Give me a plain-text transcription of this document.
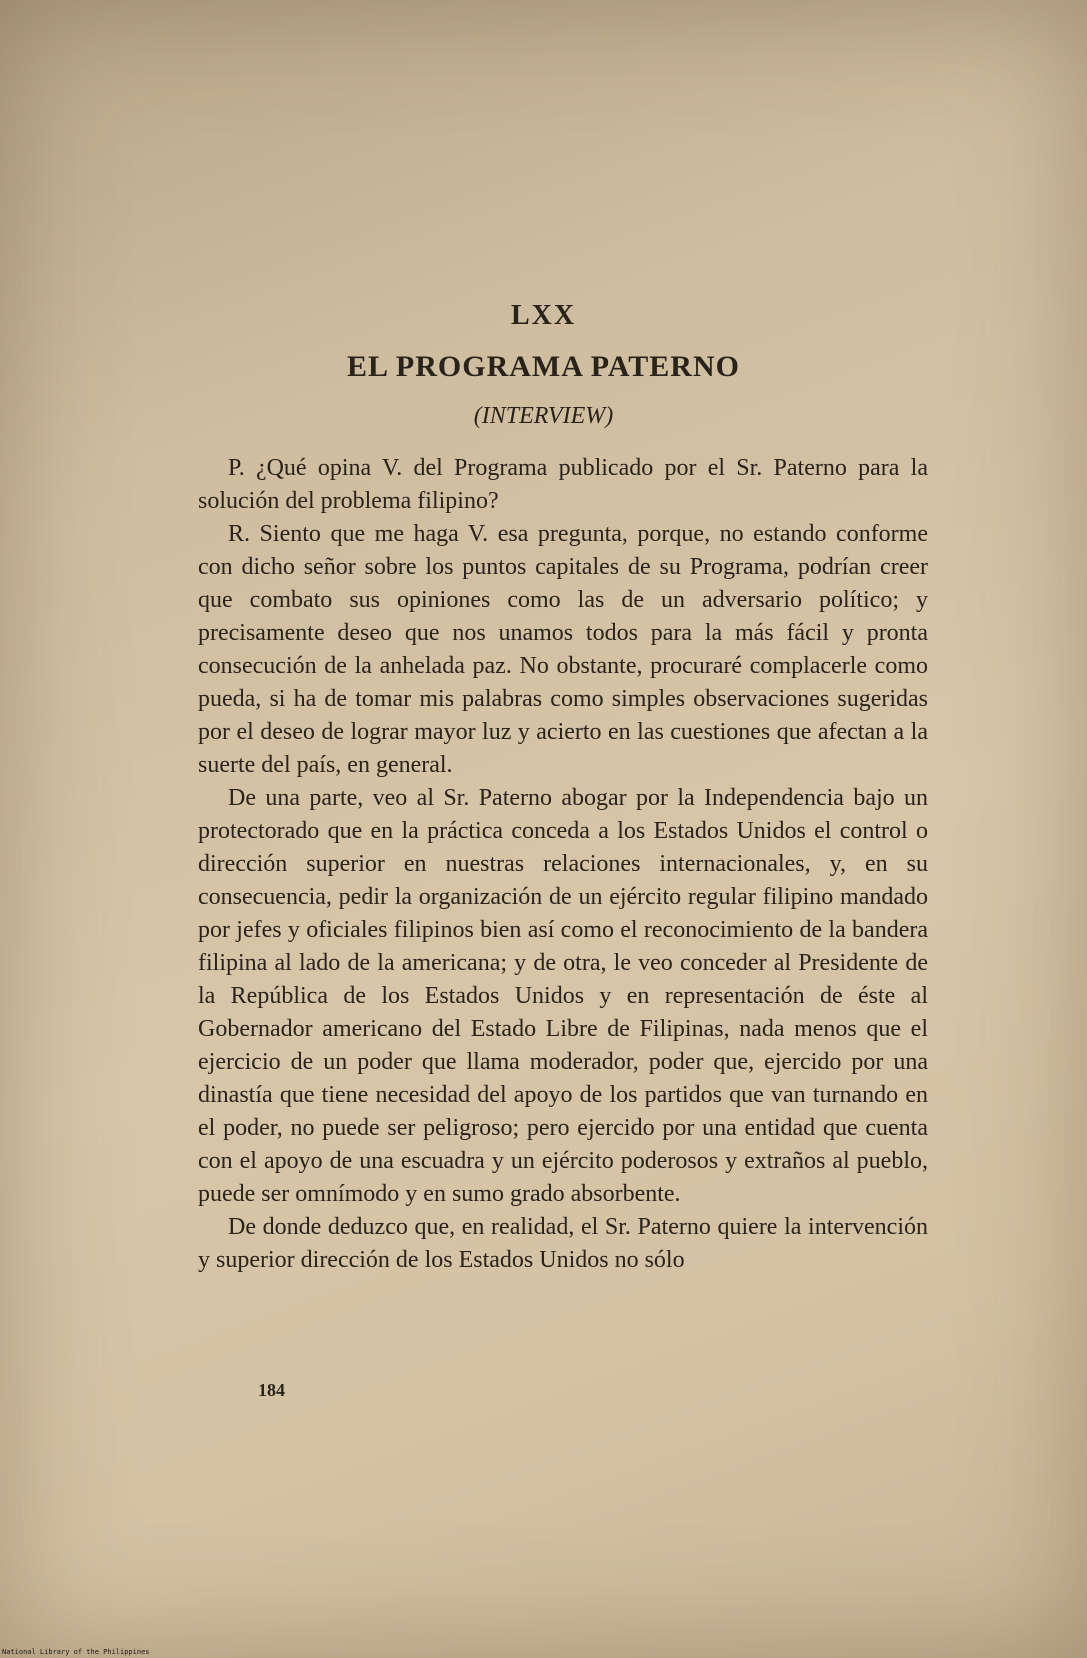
LXX
EL PROGRAMA PATERNO
(INTERVIEW)

P. ¿Qué opina V. del Programa publicado por el Sr. Paterno para la solución del problema filipino?

R. Siento que me haga V. esa pregunta, porque, no estando conforme con dicho señor sobre los puntos capitales de su Programa, podrían creer que combato sus opiniones como las de un adversario político; y precisamente deseo que nos unamos todos para la más fácil y pronta consecución de la anhelada paz. No obstante, procuraré complacerle como pueda, si ha de tomar mis palabras como simples observaciones sugeridas por el deseo de lograr mayor luz y acierto en las cuestiones que afectan a la suerte del país, en general.

De una parte, veo al Sr. Paterno abogar por la Independencia bajo un protectorado que en la práctica conceda a los Estados Unidos el control o dirección superior en nuestras relaciones internacionales, y, en su consecuencia, pedir la organización de un ejército regular filipino mandado por jefes y oficiales filipinos bien así como el reconocimiento de la bandera filipina al lado de la americana; y de otra, le veo conceder al Presidente de la República de los Estados Unidos y en representación de éste al Gobernador americano del Estado Libre de Filipinas, nada menos que el ejercicio de un poder que llama moderador, poder que, ejercido por una dinastía que tiene necesidad del apoyo de los partidos que van turnando en el poder, no puede ser peligroso; pero ejercido por una entidad que cuenta con el apoyo de una escuadra y un ejército poderosos y extraños al pueblo, puede ser omnímodo y en sumo grado absorbente.

De donde deduzco que, en realidad, el Sr. Paterno quiere la intervención y superior dirección de los Estados Unidos no sólo

184
National Library of the Philippines
